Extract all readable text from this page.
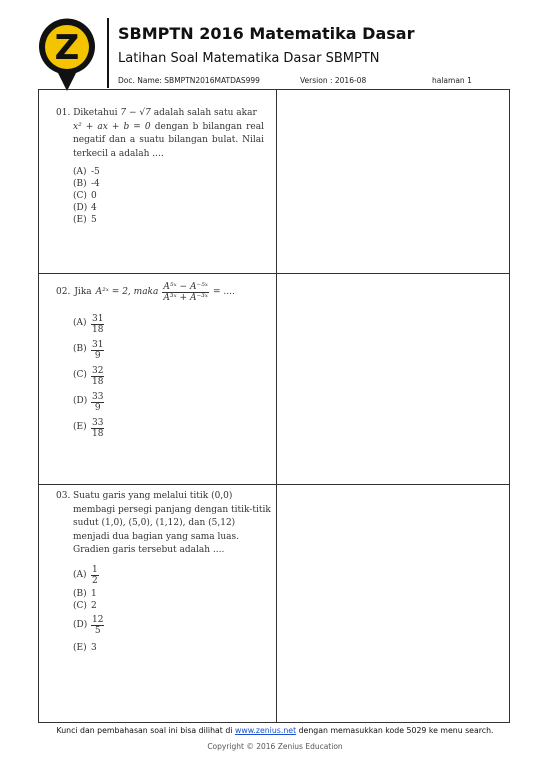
Z SBMPTN 2016 Matematika Dasar
Latihan Soal Matematika Dasar SBMPTN
Doc. Name: SBMPTN2016MATDAS999	Version : 2016-08	halaman 1
01. Diketahui 7 − √7 adalah salah satu akar
x² + ax + b = 0 dengan b bilangan real negatif dan a suatu bilangan bulat. Nilai terkecil a adalah ....
(A) -5
(B) -4
(C) 0
(D) 4
(E) 5
02. Jika A²ˣ = 2, maka $\frac{\text{A⁵ˣ − A⁻⁵ˣ}}{\text{A³ˣ + A⁻³ˣ}}$ = ....
$(A) \frac{31}{18}$
$(B) \frac{31}{9}$
$(C) \frac{32}{18}$
$(D) \frac{33}{9}$
$(E) \frac{33}{18}$
03. Suatu garis yang melalui titik (0,0) membagi persegi panjang dengan titik-titik sudut (1,0), (5,0), (1,12), dan (5,12) menjadi dua bagian yang sama luas. Gradien garis tersebut adalah ....
$(A) \frac{1}{2}$
(B) 1
(C) 2
$(D) \frac{12}{5}$
(E) 3
Kunci dan pembahasan soal ini bisa dilihat di www.zenius.net dengan memasukkan kode 5029 ke menu search.
Copyright © 2016 Zenius Education
